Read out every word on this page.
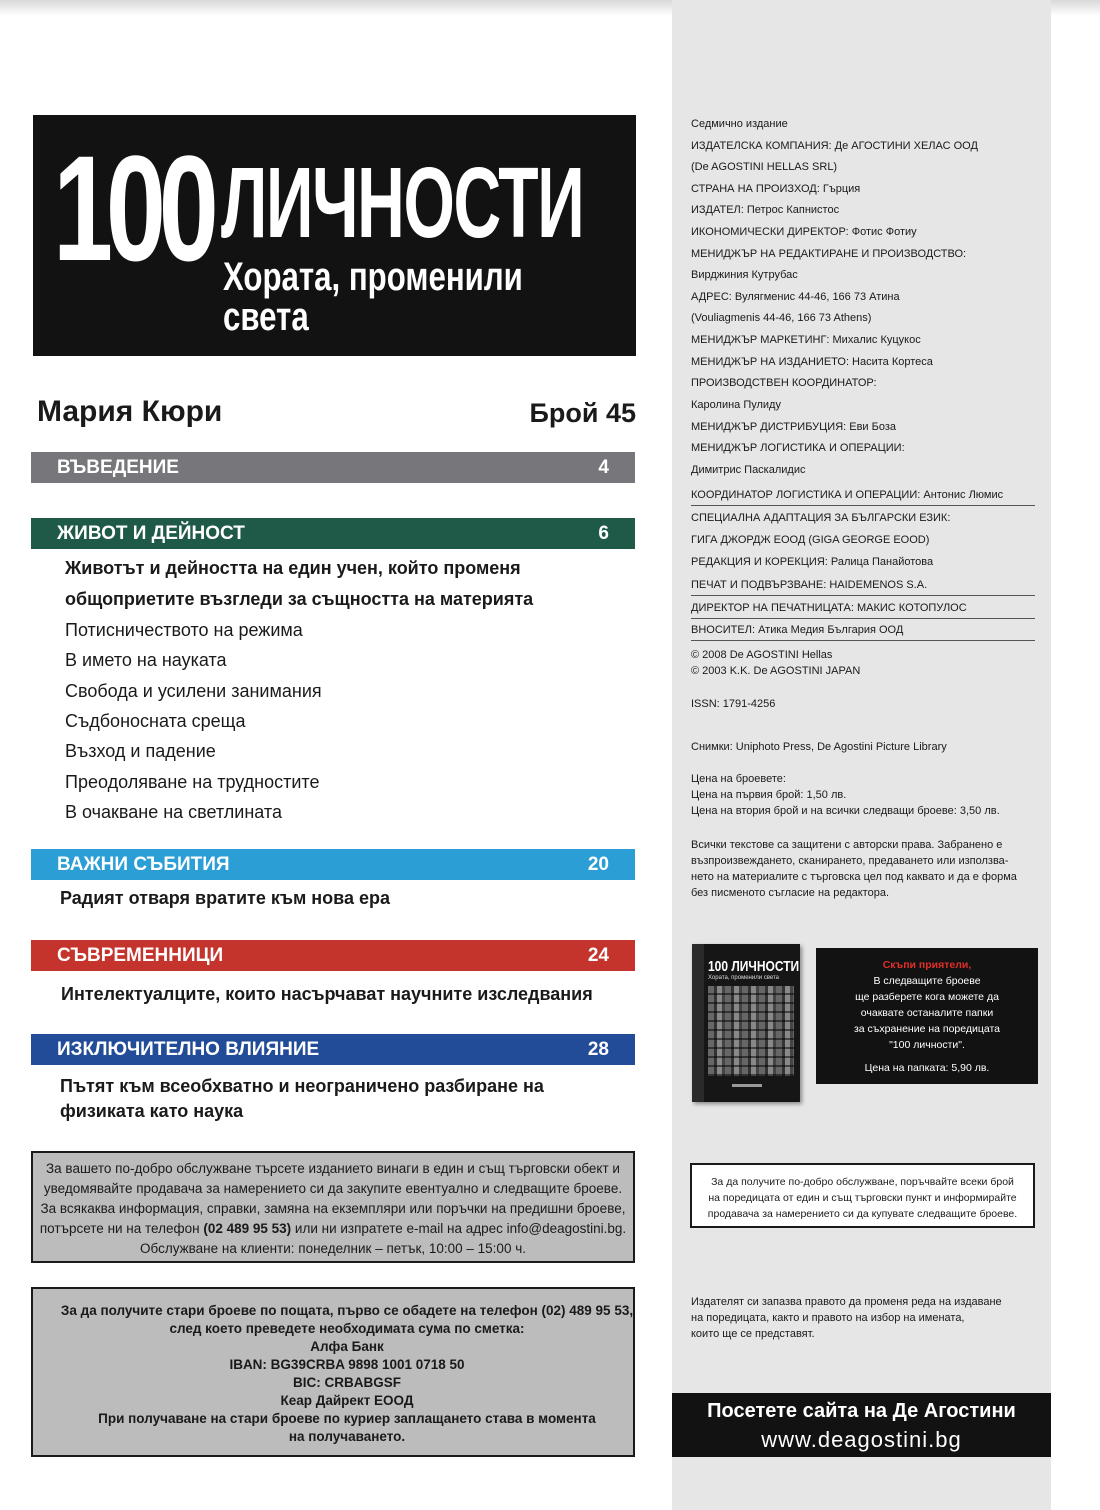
100 ЛИЧНОСТИ
Хората, променили света
Мария Кюри	Брой 45
ВЪВЕДЕНИЕ	4
ЖИВОТ И ДЕЙНОСТ	6
Животът и дейността на един учен, който променя
общоприетите възгледи за същността на материята
Потисничеството на режима
В името на науката
Свобода и усилени занимания
Съдбоносната среща
Възход и падение
Преодоляване на трудностите
В очакване на светлината
ВАЖНИ СЪБИТИЯ	20
Радият отваря вратите към нова ера
СЪВРЕМЕННИЦИ	24
Интелектуалците, които насърчават научните изследвания
ИЗКЛЮЧИТЕЛНО ВЛИЯНИЕ	28
Пътят към всеобхватно и неограничено разбиране на
физиката като наука
За вашето по-добро обслужване търсете изданието винаги в един и същ търговски обект и
уведомявайте продавача за намерението си да закупите евентуално и следващите броеве.
За всякаква информация, справки, замяна на екземпляри или поръчки на предишни броеве,
потърсете ни на телефон (02 489 95 53) или ни изпратете e-mail на адрес info@deagostini.bg.
Обслужване на клиенти: понеделник – петък, 10:00 – 15:00 ч.
За да получите стари броеве по пощата, първо се обадете на телефон (02) 489 95 53,
след което преведете необходимата сума по сметка:
Алфа Банк
IBAN: BG39CRBA 9898 1001 0718 50
BIC: CRBABGSF
Кеар Дайрект ЕООД
При получаване на стари броеве по куриер заплащането става в момента
на получаването.
Седмично издание
ИЗДАТЕЛСКА КОМПАНИЯ: Де АГОСТИНИ ХЕЛАС ООД
(De AGOSTINI HELLAS SRL)
СТРАНА НА ПРОИЗХОД: Гърция
ИЗДАТЕЛ: Петрос Капнистос
ИКОНОМИЧЕСКИ ДИРЕКТОР: Фотис Фотиу
МЕНИДЖЪР НА РЕДАКТИРАНЕ И ПРОИЗВОДСТВО:
Вирджиния Кутрубас
АДРЕС: Вулягменис 44-46, 166 73 Атина
(Vouliagmenis 44-46, 166 73 Athens)
МЕНИДЖЪР МАРКЕТИНГ: Михалис Куцукос
МЕНИДЖЪР НА ИЗДАНИЕТО: Насита Кортеса
ПРОИЗВОДСТВЕН КООРДИНАТОР:
Каролина Пулиду
МЕНИДЖЪР ДИСТРИБУЦИЯ: Еви Боза
МЕНИДЖЪР ЛОГИСТИКА И ОПЕРАЦИИ:
Димитрис Паскалидис
КООРДИНАТОР ЛОГИСТИКА И ОПЕРАЦИИ: Антонис Люмис
СПЕЦИАЛНА АДАПТАЦИЯ ЗА БЪЛГАРСКИ ЕЗИК:
ГИГА ДЖОРДЖ ЕООД (GIGA GEORGE EOOD)
РЕДАКЦИЯ И КОРЕКЦИЯ: Ралица Панайотова
ПЕЧАТ И ПОДВЪРЗВАНЕ: HAIDEMENOS S.A.
ДИРЕКТОР НА ПЕЧАТНИЦАТА: МАКИС КОТОПУЛОС
ВНОСИТЕЛ: Атика Медия България ООД
© 2008 De AGOSTINI Hellas
© 2003 K.K. De AGOSTINI JAPAN
ISSN: 1791-4256
Снимки: Uniphoto Press, De Agostini Picture Library
Цена на броевете:
Цена на първия брой: 1,50 лв.
Цена на втория брой и на всички следващи броеве: 3,50 лв.
Всички текстове са защитени с авторски права. Забранено е
възпроизвеждането, сканирането, предаването или използва-
нето на материалите с търговска цел под каквато и да е форма
без писменото съгласие на редактора.
100 ЛИЧНОСТИ
Хората, променили света
Скъпи приятели,
В следващите броеве
ще разберете кога можете да
очаквате останалите папки
за съхранение на поредицата
"100 личности".
Цена на папката: 5,90 лв.
За да получите по-добро обслужване, поръчвайте всеки брой
на поредицата от един и същ търговски пункт и информирайте
продавача за намерението си да купувате следващите броеве.
Издателят си запазва правото да променя реда на издаване
на поредицата, както и правото на избор на имената,
които ще се представят.
Посетете сайта на Де Агостини
www.deagostini.bg
